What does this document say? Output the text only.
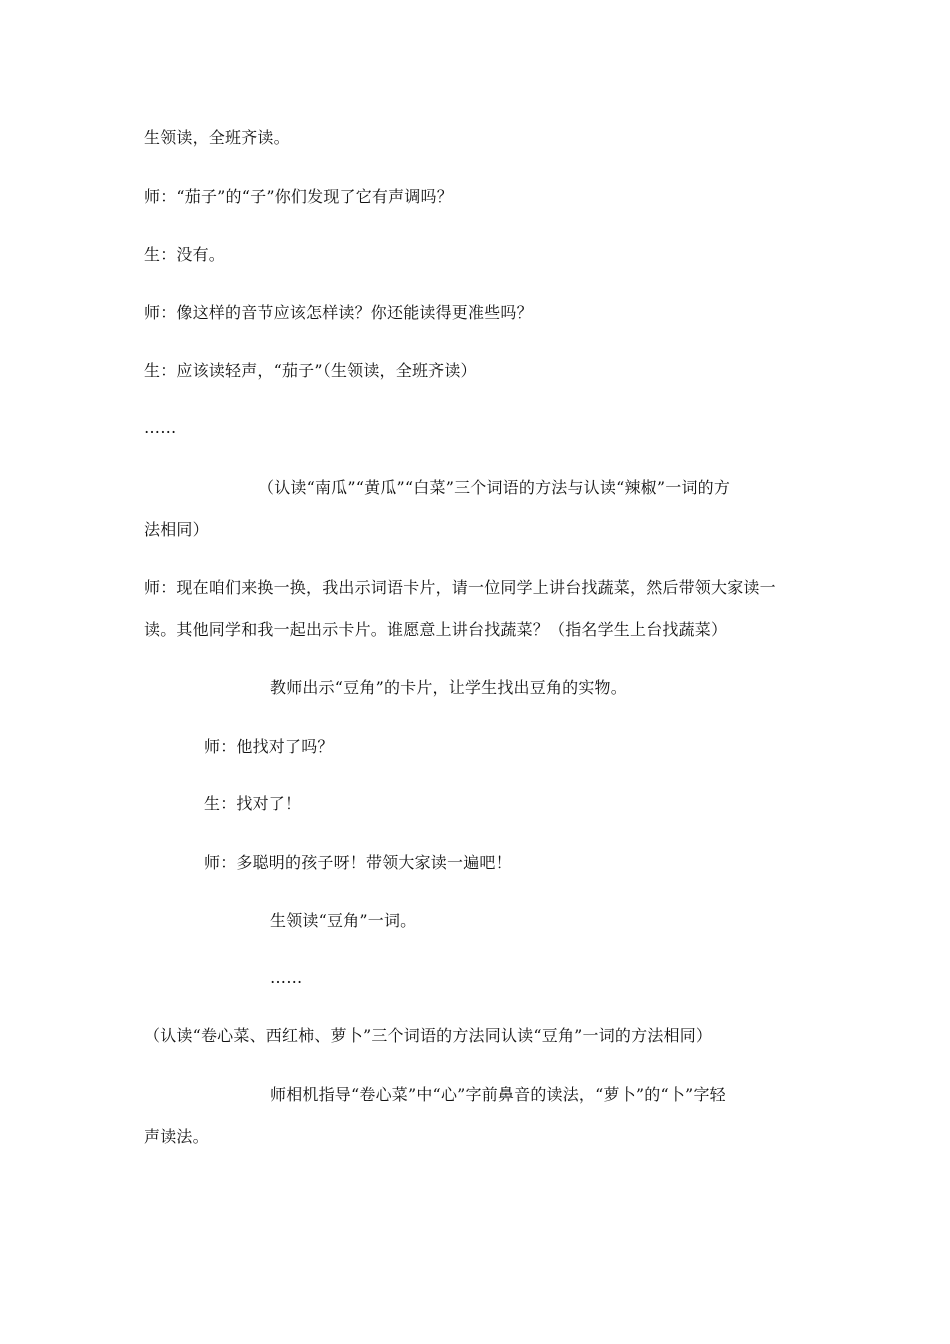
生领读，全班齐读。
师：“茄子”的“子”你们发现了它有声调吗？
生：没有。
师：像这样的音节应该怎样读？你还能读得更准些吗？
生：应该读轻声，“茄子”（生领读，全班齐读）
……
（认读“南瓜”“黄瓜”“白菜”三个词语的方法与认读“辣椒”一词的方
法相同）
师：现在咱们来换一换，我出示词语卡片，请一位同学上讲台找蔬菜，然后带领大家读一
读。其他同学和我一起出示卡片。谁愿意上讲台找蔬菜？（指名学生上台找蔬菜）
教师出示“豆角”的卡片，让学生找出豆角的实物。
师：他找对了吗？
生：找对了！
师：多聪明的孩子呀！带领大家读一遍吧！
生领读“豆角”一词。
……
（认读“卷心菜、西红柿、萝卜”三个词语的方法同认读“豆角”一词的方法相同）
师相机指导“卷心菜”中“心”字前鼻音的读法，“萝卜”的“卜”字轻
声读法。
